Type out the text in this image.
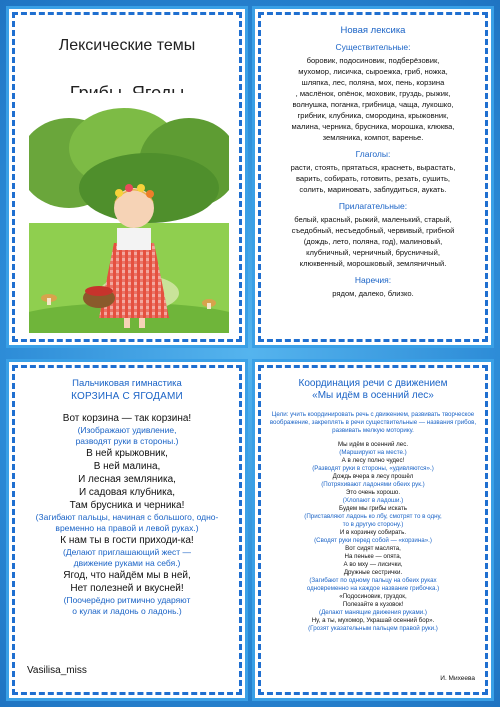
Лексические темы
Новая лексика
Существительные:

боровик, подосиновик, подберёзовик,

мухомор, лисичка, сыроежка, гриб, ножка,

шляпка, лес, поляна, мох, пень, корзина

, маслёнок, опёнок, моховик, груздь, рыжик,

волнушка, поганка, грибница, чаща, лукошко,

грибник, клубника, смородина, крыжовник,

малина, черника, брусника, морошка, клюква,

земляника, компот, варенье.

Глаголы:

расти, стоять, прятаться, краснеть, вырастать,

варить, собирать, готовить, резать, сушить,

солить, мариновать, заблудиться, аукать.

Прилагательные:

белый, красный, рыжий, маленький, старый,

съедобный, несъедобный, червивый, грибной

(дождь, лето, поляна, год), малиновый,

клубничный, черничный, брусничный,

клюквенный, морошковый, земляничный.

Наречия:

рядом, далеко, близко.

Пальчиковая гимнастика
КОРЗИНА С ЯГОДАМИ
Вот корзина — так корзина!
(Изображают удивление,
разводят руки в стороны.)
В ней крыжовник,
В ней малина,
И лесная земляника,
И садовая клубника,
Там брусника и черника!
(Загибают пальцы, начиная с большого, одно-
временно на правой и левой руках.)
К нам ты в гости приходи-ка!
(Делают приглашающий жест —
движение руками на себя.)
Ягод, что найдём мы в ней,
Нет полезней и вкусней!
(Поочерёдно ритмично ударяют
о кулак и ладонь о ладонь.)
Vasilisa_miss
Координация речи с движением
«Мы идём в осенний лес»
Цели: учить координировать речь с движением, развивать творческое воображение, закреплять в речи существительные — названия грибов, развивать мелкую моторику.
Мы идём в осенний лес.
(Маршируют на месте.)
А в лесу полно чудес!
(Разводят руки в стороны, «удивляются».)
Дождь вчера в лесу прошёл
(Потряхивают ладонями обеих рук.)
Это очень хорошо.
(Хлопают в ладоши.)
Будем мы грибы искать
(Приставляют ладонь ко лбу, смотрят то в одну,
то в другую сторону.)
И в корзинку собирать.
(Сводят руки перед собой — «корзина».)
Вот сидят маслята,
На пеньке — опята,
А во мху — лисички,
Дружные сестрички.
(Загибают по одному пальцу на обеих руках
одновременно на каждое название грибочка.)
«Подосиновик, груздок,
Полезайте в кузовок!
(Делают манящие движения руками.)
Ну, а ты, мухомор, Украшай осенний бор».
(Грозят указательным пальцем правой руки.)
И. Михеева
